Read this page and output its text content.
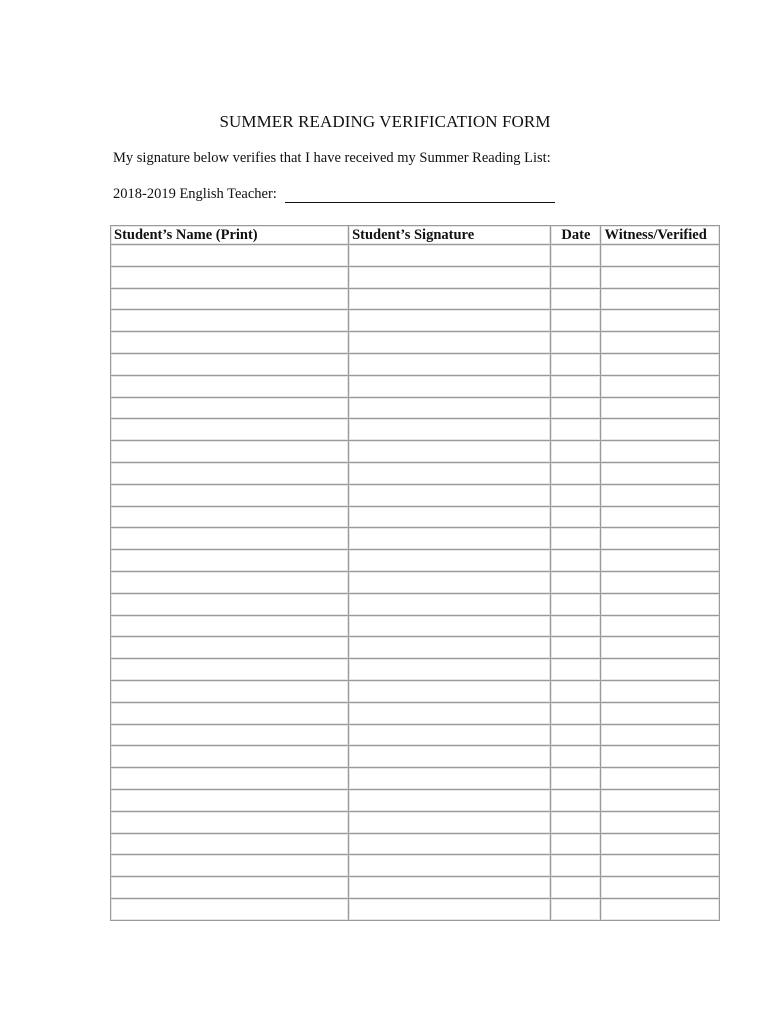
SUMMER READING VERIFICATION FORM
My signature below verifies that I have received my Summer Reading List:
2018-2019 English Teacher:
Student’s Name (Print)	Student’s Signature	Date	Witness/Verified
